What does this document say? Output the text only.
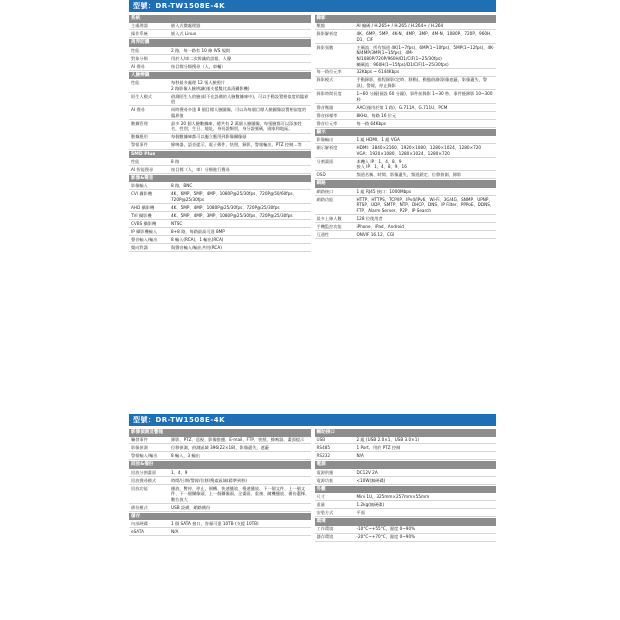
型號：DR-TW1508E-4K
系統
主處理器	嵌入式微處理器
操作系統	嵌入式 Linux
周界防護
性能	2 路，每一路有 10 條 IVS 規則
對象分類	用於人/車二次辨識的誤報，人優
AI 搜尋	按目標分類搜尋（人，車輛）
人臉辨識
性能	每秒最多處理 12 張人臉照片
2 路影像人臉辨識(僅支援雙比高清攝影機)
陌生人模式	偵測陌生人的臉部(不在設備的人臉數據庫中)，可以手動設置相似度的臨界值
AI 搜尋	同時搜尋多達 8 個目標人臉圖像，可以為每個目標人臉圖像設置相似度的臨界值
數據管理	最多 20 個人臉數據庫，總共有 2 萬個人臉圖像，每張臉都可以添加姓名，性別，生日，地址，身份證類別，身分證號碼，國家和地區。
數據應用	每個數據庫都可以獨立應用到影像攝像頭
警報事件	蜂鳴器，語音提示，電子郵件，快照，錄影，警報輸出，PTZ 控制…等
SMD Plus
性能	8 路
AI 智能搜尋	按目標（人，車）分類進行搜尋
影像&聲音
影像輸入	8 路，BNC
CVI 攝影機	4K、6MP、5MP、4MP、1080P@25/30fps、720P@50/60fps、720P@25/30fps
AHD 攝影機	4K、5MP、4MP、1080P@25/30fps、720P@25/30fps
TVI 攝影機	4K、5MP、4MP、3MP、1080P@25/30fps、720P@25/30fps
CVBS 攝影機	NTSC
IP 攝影機輸入	8+8 路，每路最高可達 8MP
聲音輸入/輸出	8 輸入(RCA)，1 輸出(RCA)
雙向對講	與聲音輸入/輸出共用(RCA)
錄影
壓縮	AI 編碼 / H.265+ / H.265 / H.264+ / H.264
錄影解析度	4K、6MP、5MP、4K-N、4MP、3MP、4M-N、1080P、720P、960H、D1、CIF
錄影張數	主碼流：所有頻道 4K(1~7fps)、6MP(1~10fps)、5MP(1~12fps)、4K-N/4MP/3MP(1~15fps)、4M-N/1080P/720P/960H/D1/CIF(1~25/30fps)
輔碼流：960H(1~15fps)/D1/CIF(1~25/30fps)
每一路位元率	32Kbps ~ 6144Kbps
錄影模式	手動錄影，排程錄影(定時、移動)，動態偵測(影像遮蔽、影像遺失、警訊)，警報，停止錄影
錄影時間長度	1~60 分鐘(預設 60 分鐘)，事件前錄影 1~30 秒，事件後錄影 10~300 秒
聲音壓縮	AAC(僅用於第 1 路)、G.711A、G.711U、PCM
聲音採樣率	8KHz，每路 16 位元
聲音位元率	每一路 64Kbps
顯示
影像輸出	1 組 HDMI，1 組 VGA
顯示解析度	HDMI：3840×2160、1920×1080、1280×1024、1280×720
VGA：1920×1080、1280×1024、1280×720
分割畫面	本機入 IP：1、4、8、9
接入 IP：1、4、8、9、16
OSD	頻道名稱、時間、影像遺失、頻道鎖定、位移偵測、錄影
網路
網路接口	1 組 RJ45 接口：1000Mbps
網路功能	HTTP、HTTPS、TCP/IP、IPv4/IPv6、Wi-Fi、3G/4G、SNMP、UPNP、RTSP、UDP、SMTP、NTP、DHCP、DNS、IP Filter、PPPoE、DDNS、FTP、Alarm Server、P2P、IP Search
最多上線人數	128 位使用者
手機監控功能	iPhone、iPad、Android
互通性	ONVIF 16.12、CGI
型號：DR-TW1508E-4K
影像偵測及警報
觸發事件	錄影、PTZ、巡視、影像推播、E-mail、FTP、快照、蜂鳴器、畫面提示
影像偵測	位移偵測，偵測區域 396(22×18)，影像遺失，遮蔽
警報輸入/輸出	8 輸入，3 輸出
回放&備份
回放分割畫面	1、4、9
回放搜尋模式	時間/日期/警報/位移/搜索區域(精準到秒)
回放功能	播放、暫停、停止、倒轉、快速播放、慢速播放、下一個文件、上一個文件、下一個攝像頭、上一個攝像頭、全畫面、重複、隨機播放、備份選擇、數位放大
備份模式	USB 設備，網路備份
儲存
內部硬碟	1 個 SATA 接口，容量可達 10TB (支援 10TB)
eSATA	N/A
輔助接口
USB	2 組 (USB 2.0×1、USB 3.0×1)
RS485	1 Port，用於 PTZ 控制
RS232	N/A
電源
電源供應	DC12V 2A
電源功耗	<10W(無硬碟)
外觀
尺寸	Mini 1U，325mm×257mm×55mm
重量	1.2kg(無硬碟)
安裝方式	平面
環境
工作環境	-10°C~+55°C，濕度 0~90%
儲存環境	-20°C~+70°C，濕度 0~90%
